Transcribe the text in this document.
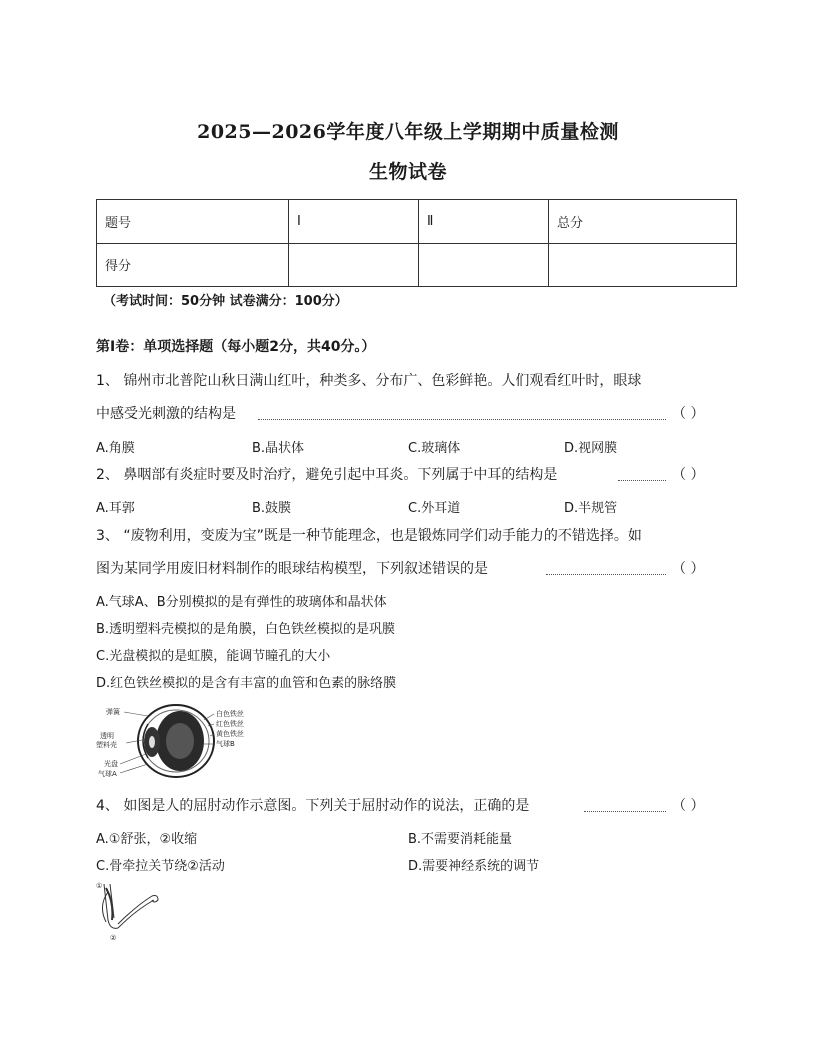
2025—2026学年度八年级上学期期中质量检测
生物试卷
题号	Ⅰ	Ⅱ	总分
得分			
（考试时间：50分钟 试卷满分：100分）
第Ⅰ卷：单项选择题（每小题2分，共40分。）
1、 锦州市北普陀山秋日满山红叶，种类多、分布广、色彩鲜艳。人们观看红叶时，眼球
中感受光刺激的结构是	（ ）
A.角膜	B.晶状体	C.玻璃体	D.视网膜
2、 鼻咽部有炎症时要及时治疗，避免引起中耳炎。下列属于中耳的结构是	（ ）
A.耳郭	B.鼓膜	C.外耳道	D.半规管
3、 “废物利用，变废为宝”既是一种节能理念，也是锻炼同学们动手能力的不错选择。如
图为某同学用废旧材料制作的眼球结构模型，下列叙述错误的是	（ ）
A.气球A、B分别模拟的是有弹性的玻璃体和晶状体
B.透明塑料壳模拟的是角膜，白色铁丝模拟的是巩膜
C.光盘模拟的是虹膜，能调节瞳孔的大小
D.红色铁丝模拟的是含有丰富的血管和色素的脉络膜
弹簧
透明
塑料壳
光盘
气球A
白色铁丝
红色铁丝
黄色铁丝
气球B
4、 如图是人的屈肘动作示意图。下列关于屈肘动作的说法，正确的是	（ ）
A.①舒张，②收缩	B.不需要消耗能量
C.骨牵拉关节绕②活动	D.需要神经系统的调节
①
②
